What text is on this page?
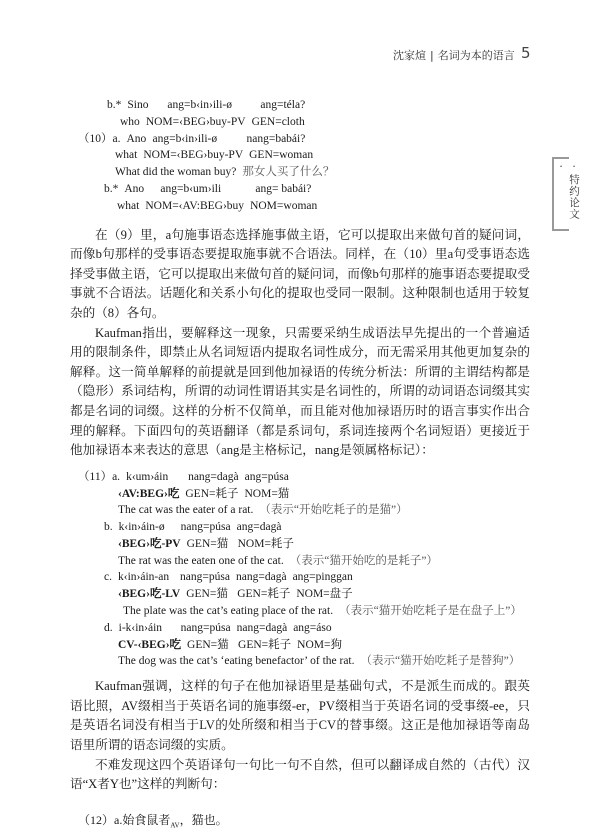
沈家煊 | 名词为本的语言 5
·特约论文·
b.* Sino ang=b‹in›ili-ø ang=téla?
who NOM=‹BEG›buy-PV GEN=cloth
（10）a. Ano ang=b‹in›ili-ø	nang=babái?
what NOM=‹BEG›buy-PV GEN=woman
What did the woman buy? 那女人买了什么？
b.* Ano ang=b‹um›ili	ang= babái?
what NOM=‹AV:BEG›buy NOM=woman

在（9）里，a句施事语态选择施事做主语，它可以提取出来做句首的疑问词，而像b句那样的受事语态要提取施事就不合语法。同样，在（10）里a句受事语态选择受事做主语，它可以提取出来做句首的疑问词，而像b句那样的施事语态要提取受事就不合语法。话题化和关系小句化的提取也受同一限制。这种限制也适用于较复杂的（8）各句。

Kaufman指出，要解释这一现象，只需要采纳生成语法早先提出的一个普遍适用的限制条件，即禁止从名词短语内提取名词性成分，而无需采用其他更加复杂的解释。这一简单解释的前提就是回到他加禄语的传统分析法：所谓的主谓结构都是（隐形）系词结构，所谓的动词性谓语其实是名词性的，所谓的动词语态词缀其实都是名词的词缀。这样的分析不仅简单，而且能对他加禄语历时的语言事实作出合理的解释。下面四句的英语翻译（都是系词句，系词连接两个名词短语）更接近于他加禄语本来表达的意思（ang是主格标记，nang是领属格标记）：

（11）a. k‹um›áin nang=dagà ang=púsa
‹AV:BEG›吃 GEN=耗子 NOM=猫
The cat was the eater of a rat. （表示“开始吃耗子的是猫”）
b. k‹in›áin-ø nang=púsa ang=dagà
‹BEG›吃-PV GEN=猫 NOM=耗子
The rat was the eaten one of the cat. （表示“猫开始吃的是耗子”）
c. k‹in›áin-an nang=púsa nang=dagà ang=pinggan
‹BEG›吃-LV GEN=猫 GEN=耗子 NOM=盘子
The plate was the cat’s eating place of the rat. （表示“猫开始吃耗子是在盘子上”）
d. i-k‹in›áin nang=púsa nang=dagà ang=áso
CV-‹BEG›吃 GEN=猫 GEN=耗子 NOM=狗
The dog was the cat’s ‘eating benefactor’ of the rat. （表示“猫开始吃耗子是替狗”）

Kaufman强调，这样的句子在他加禄语里是基础句式，不是派生而成的。跟英语比照，AV缀相当于英语名词的施事缀-er，PV缀相当于英语名词的受事缀-ee，只是英语名词没有相当于LV的处所缀和相当于CV的替事缀。这正是他加禄语等南岛语里所谓的语态词缀的实质。

不难发现这四个英语译句一句比一句不自然，但可以翻译成自然的（古代）汉语“X者Y也”这样的判断句：

（12）a.始食鼠者$_{AV}$，猫也。
